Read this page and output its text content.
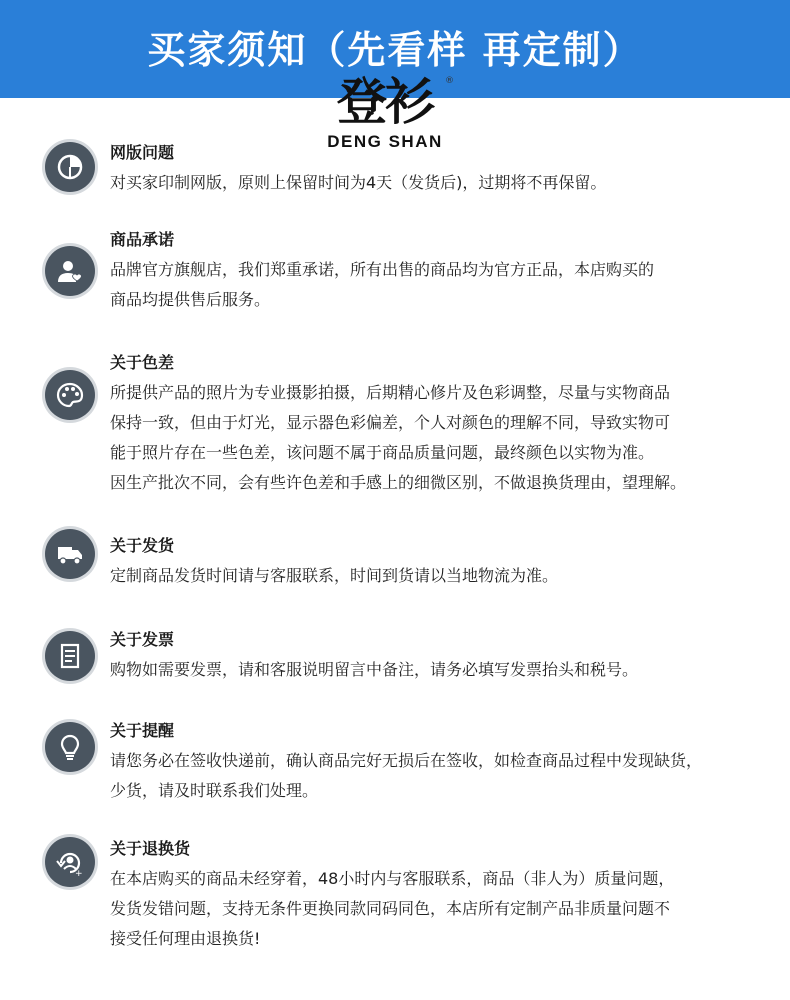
买家须知（先看样 再定制）
登衫	®
DENG SHAN
网版问题
对买家印制网版，原则上保留时间为4天（发货后)，过期将不再保留。
商品承诺
品牌官方旗舰店，我们郑重承诺，所有出售的商品均为官方正品，本店购买的
商品均提供售后服务。
关于色差
所提供产品的照片为专业摄影拍摄，后期精心修片及色彩调整，尽量与实物商品
保持一致，但由于灯光，显示器色彩偏差，个人对颜色的理解不同，导致实物可
能于照片存在一些色差，该问题不属于商品质量问题，最终颜色以实物为准。
因生产批次不同，会有些许色差和手感上的细微区别，不做退换货理由，望理解。
关于发货
定制商品发货时间请与客服联系，时间到货请以当地物流为准。
关于发票
购物如需要发票，请和客服说明留言中备注，请务必填写发票抬头和税号。
关于提醒
请您务必在签收快递前，确认商品完好无损后在签收，如检查商品过程中发现缺货，
少货，请及时联系我们处理。
+
关于退换货
在本店购买的商品未经穿着，48小时内与客服联系，商品（非人为）质量问题，
发货发错问题，支持无条件更换同款同码同色，本店所有定制产品非质量问题不
接受任何理由退换货!
